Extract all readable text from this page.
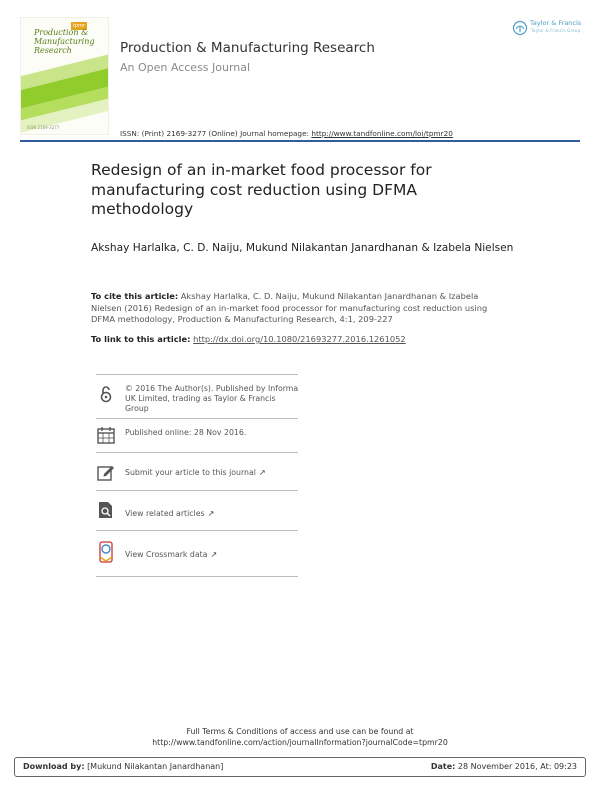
tpmr
Production & Manufacturing Research
ISSN 2169-3277
Production & Manufacturing Research
An Open Access Journal
Taylor & Francis
Taylor & Francis Group
ISSN: (Print) 2169-3277 (Online) Journal homepage: http://www.tandfonline.com/loi/tpmr20
Redesign of an in-market food processor for manufacturing cost reduction using DFMA methodology
Akshay Harlalka, C. D. Naiju, Mukund Nilakantan Janardhanan & Izabela Nielsen
To cite this article: Akshay Harlalka, C. D. Naiju, Mukund Nilakantan Janardhanan & Izabela Nielsen (2016) Redesign of an in-market food processor for manufacturing cost reduction using DFMA methodology, Production & Manufacturing Research, 4:1, 209-227
To link to this article: http://dx.doi.org/10.1080/21693277.2016.1261052
© 2016 The Author(s). Published by Informa UK Limited, trading as Taylor & Francis Group
Published online: 28 Nov 2016.
Submit your article to this journal ↗
View related articles ↗
View Crossmark data ↗
Full Terms & Conditions of access and use can be found at
http://www.tandfonline.com/action/journalInformation?journalCode=tpmr20
Download by: [Mukund Nilakantan Janardhanan]	Date: 28 November 2016, At: 09:23
